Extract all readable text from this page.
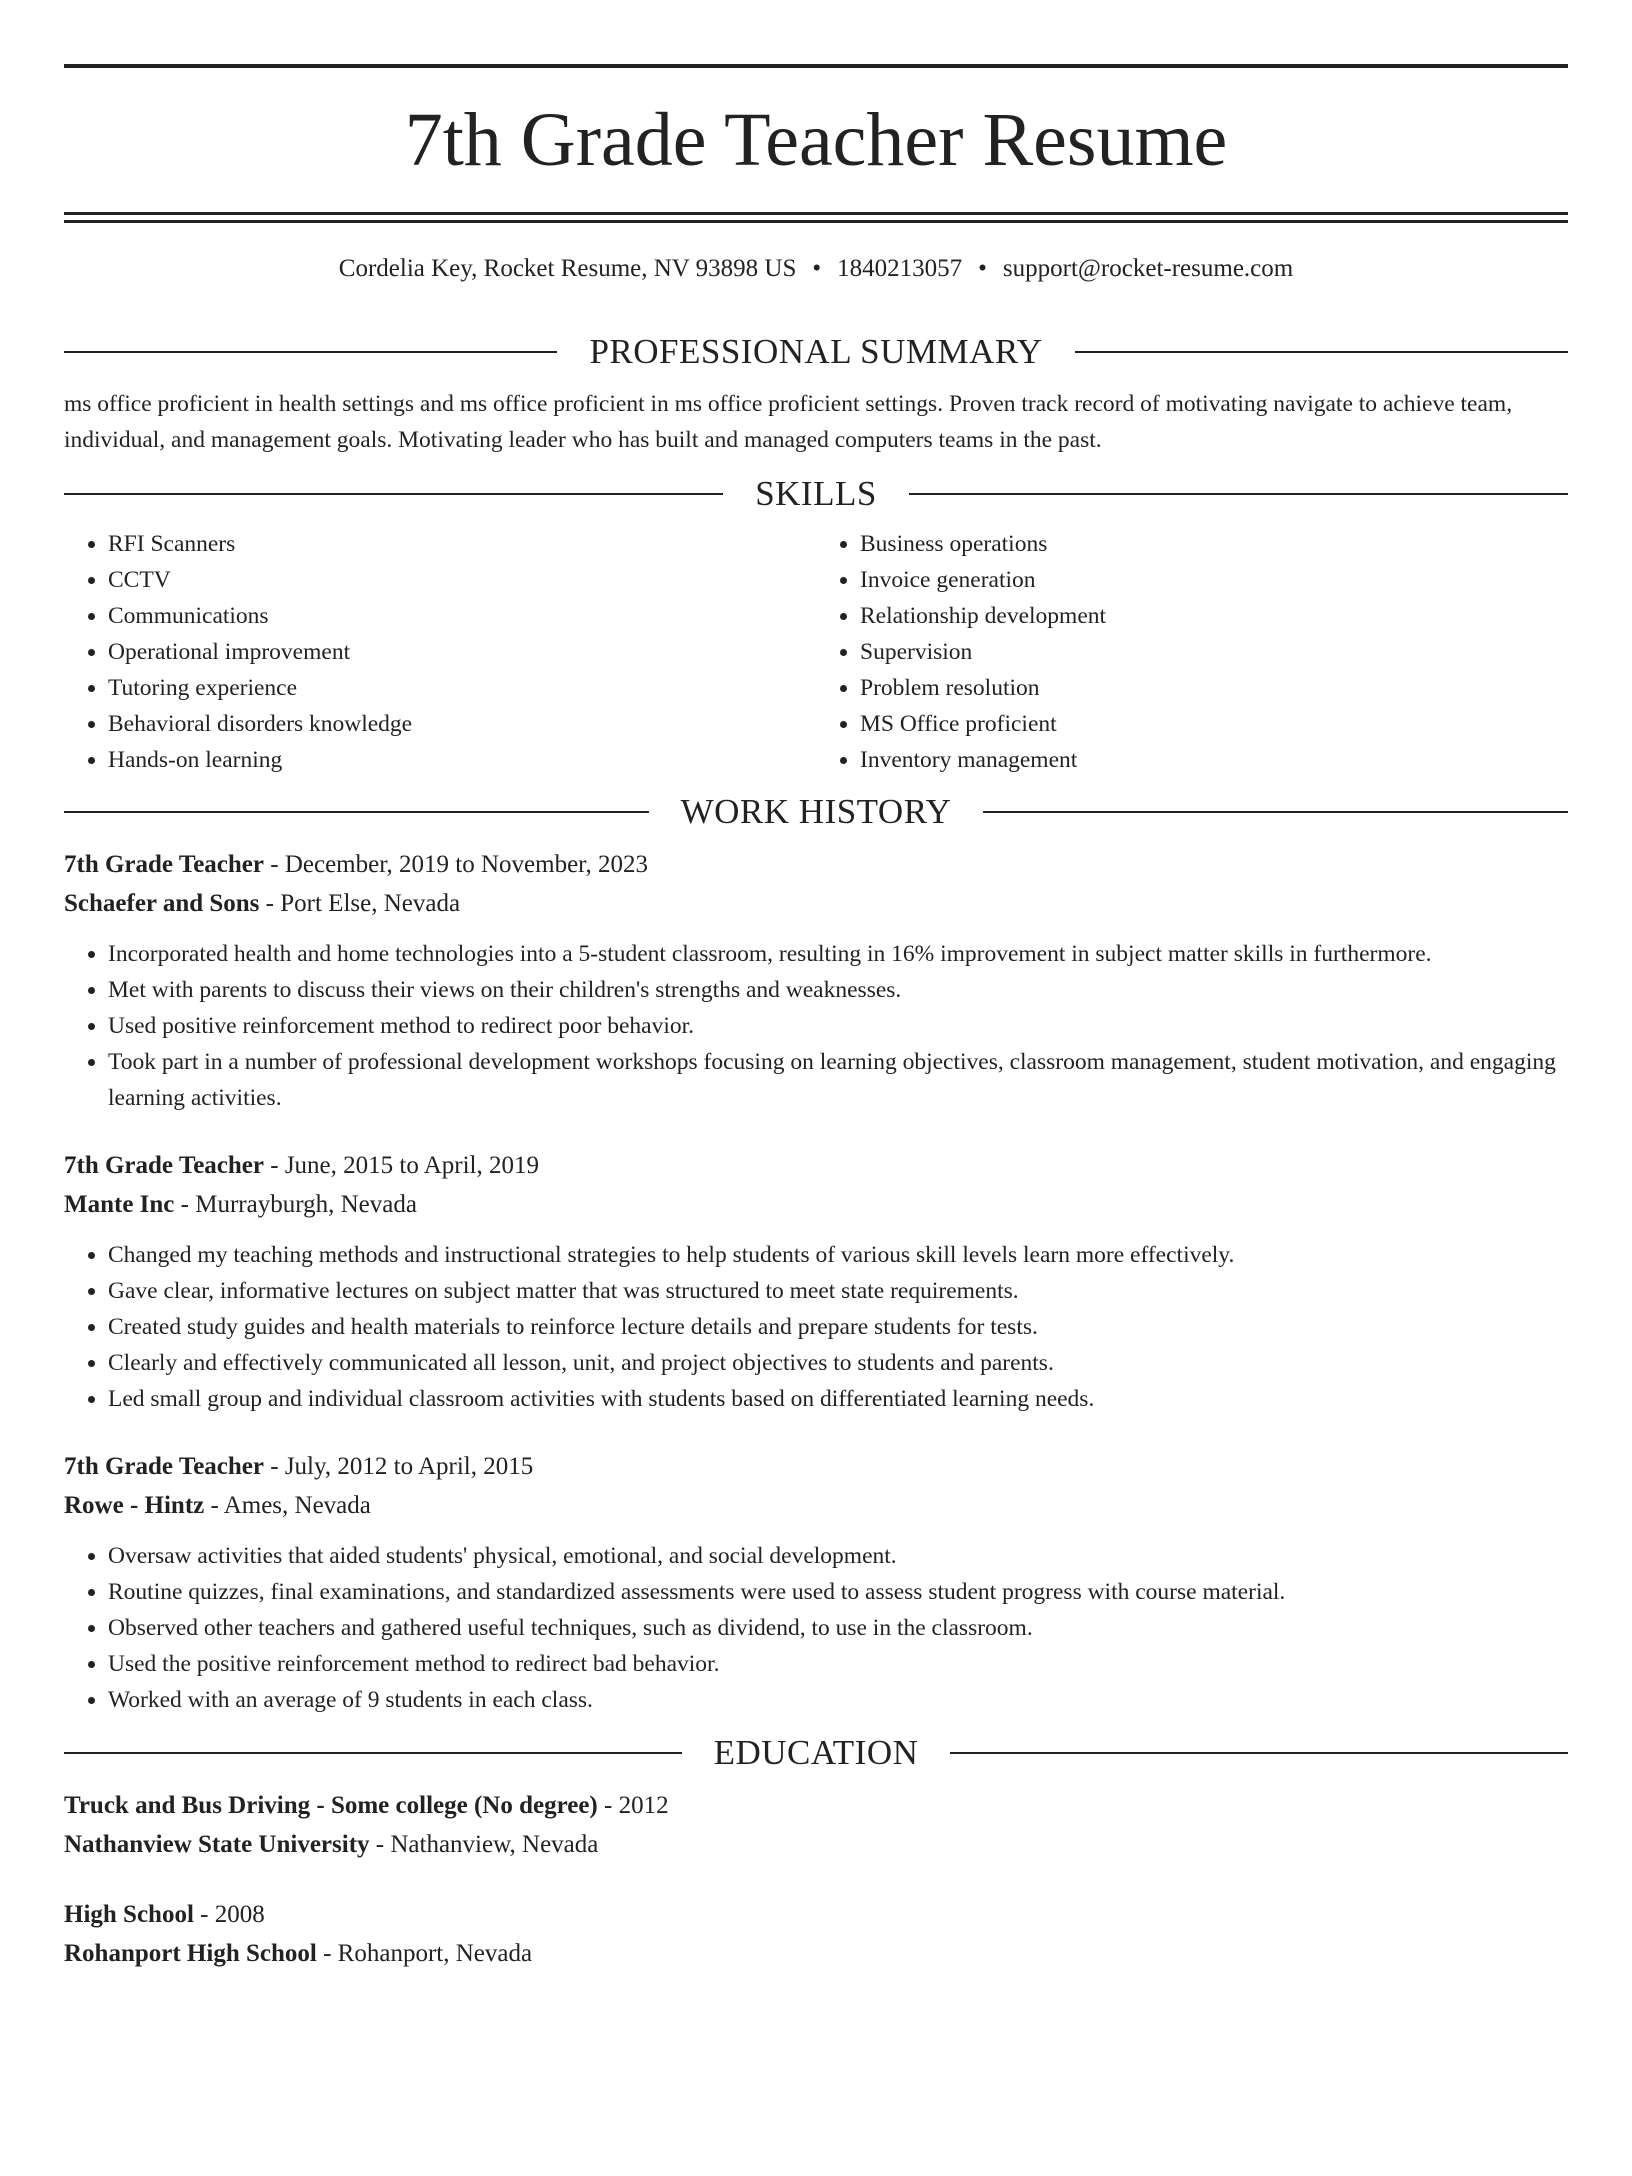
7th Grade Teacher Resume
Cordelia Key, Rocket Resume, NV 93898 US • 1840213057 • support@rocket-resume.com
PROFESSIONAL SUMMARY

ms office proficient in health settings and ms office proficient in ms office proficient settings. Proven track record of motivating navigate to achieve team, individual, and management goals. Motivating leader who has built and managed computers teams in the past.

SKILLS
• RFI Scanners
• CCTV
• Communications
• Operational improvement
• Tutoring experience
• Behavioral disorders knowledge
• Hands-on learning
• Business operations
• Invoice generation
• Relationship development
• Supervision
• Problem resolution
• MS Office proficient
• Inventory management
WORK HISTORY
7th Grade Teacher - December, 2019 to November, 2023
Schaefer and Sons - Port Else, Nevada
• Incorporated health and home technologies into a 5-student classroom, resulting in 16% improvement in subject matter skills in furthermore.
• Met with parents to discuss their views on their children's strengths and weaknesses.
• Used positive reinforcement method to redirect poor behavior.
• Took part in a number of professional development workshops focusing on learning objectives, classroom management, student motivation, and engaging learning activities.
7th Grade Teacher - June, 2015 to April, 2019
Mante Inc - Murrayburgh, Nevada
• Changed my teaching methods and instructional strategies to help students of various skill levels learn more effectively.
• Gave clear, informative lectures on subject matter that was structured to meet state requirements.
• Created study guides and health materials to reinforce lecture details and prepare students for tests.
• Clearly and effectively communicated all lesson, unit, and project objectives to students and parents.
• Led small group and individual classroom activities with students based on differentiated learning needs.
7th Grade Teacher - July, 2012 to April, 2015
Rowe - Hintz - Ames, Nevada
• Oversaw activities that aided students' physical, emotional, and social development.
• Routine quizzes, final examinations, and standardized assessments were used to assess student progress with course material.
• Observed other teachers and gathered useful techniques, such as dividend, to use in the classroom.
• Used the positive reinforcement method to redirect bad behavior.
• Worked with an average of 9 students in each class.
EDUCATION
Truck and Bus Driving - Some college (No degree) - 2012
Nathanview State University - Nathanview, Nevada
High School - 2008
Rohanport High School - Rohanport, Nevada
